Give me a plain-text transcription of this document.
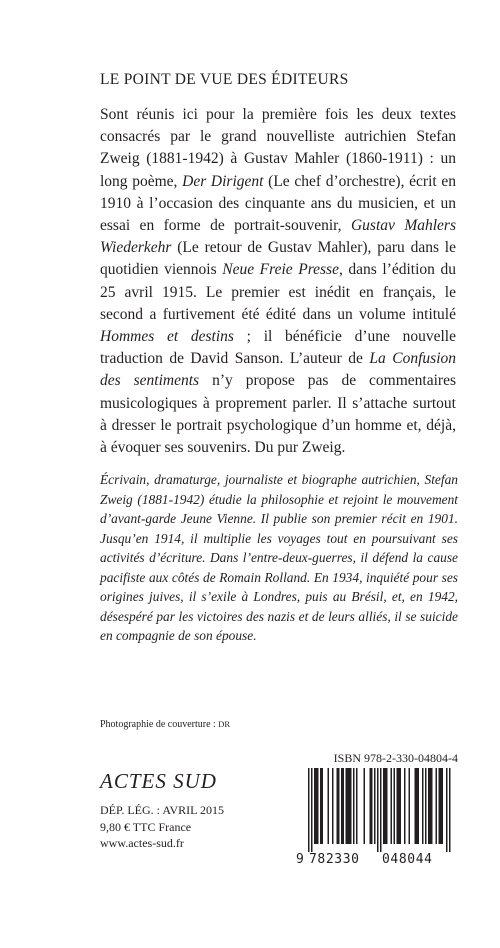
LE POINT DE VUE DES ÉDITEURS
Sont réunis ici pour la première fois les deux textes consacrés par le grand nouvelliste autrichien Stefan Zweig (1881-1942) à Gustav Mahler (1860-1911) : un long poème, Der Dirigent (Le chef d’orchestre), écrit en 1910 à l’occasion des cinquante ans du musicien, et un essai en forme de portrait-souvenir, Gustav Mahlers Wiederkehr (Le retour de Gustav Mahler), paru dans le quotidien viennois Neue Freie Presse, dans l’édition du 25 avril 1915. Le premier est inédit en français, le second a furtivement été édité dans un volume intitulé Hommes et destins ; il bénéficie d’une nouvelle traduction de David Sanson. L’auteur de La Confusion des sentiments n’y propose pas de commentaires musicologiques à proprement parler. Il s’attache surtout à dresser le portrait psychologique d’un homme et, déjà, à évoquer ses souvenirs. Du pur Zweig.
Écrivain, dramaturge, journaliste et biographe autrichien, Stefan Zweig (1881-1942) étudie la philosophie et rejoint le mouvement d’avant-garde Jeune Vienne. Il publie son premier récit en 1901. Jusqu’en 1914, il multiplie les voyages tout en poursuivant ses activités d’écriture. Dans l’entre-deux-guerres, il défend la cause pacifiste aux côtés de Romain Rolland. En 1934, inquiété pour ses origines juives, il s’exile à Londres, puis au Brésil, et, en 1942, désespéré par les victoires des nazis et de leurs alliés, il se suicide en compagnie de son épouse.
Photographie de couverture : DR
ACTES SUD
DÉP. LÉG. : AVRIL 2015
9,80 € TTC France
www.actes-sud.fr
ISBN 978-2-330-04804-4
9 782330 048044
